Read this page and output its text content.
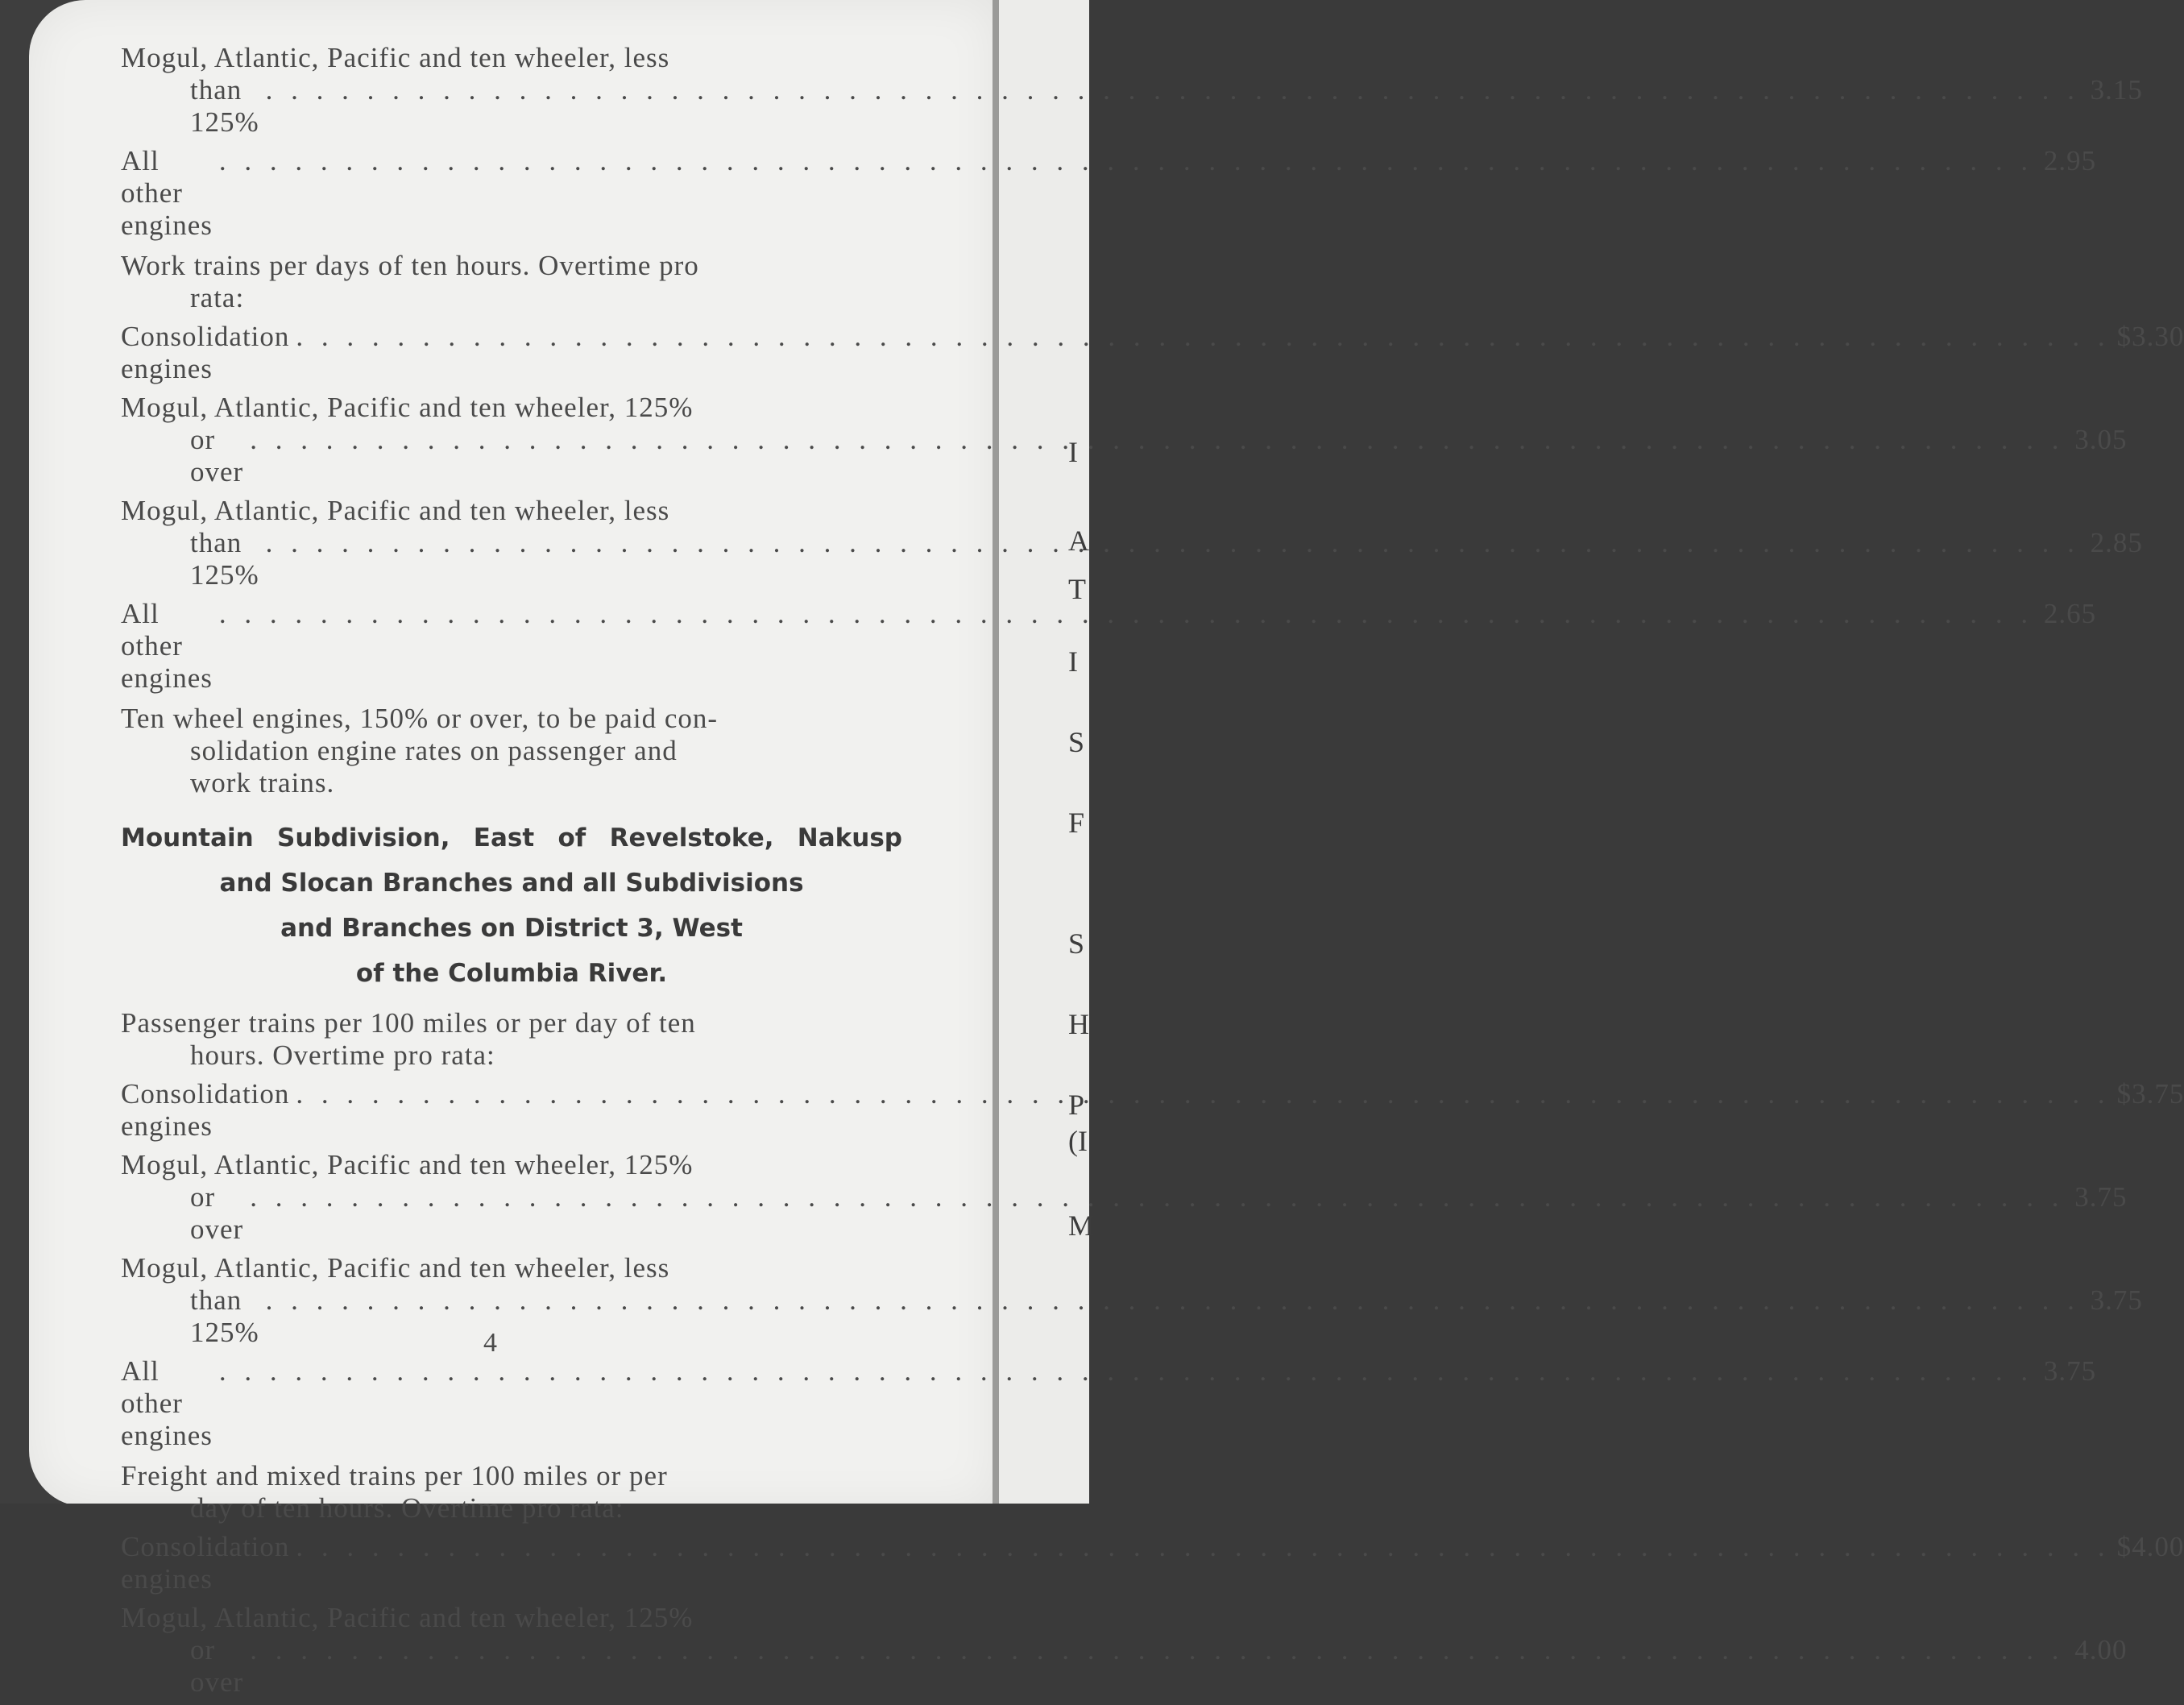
Mogul, Atlantic, Pacific and ten wheeler, less
than 125%
. . .
3.15
All other engines
. . .
2.95
Work trains per days of ten hours. Overtime pro
rata:
Consolidation engines
. . .
$3.30
Mogul, Atlantic, Pacific and ten wheeler, 125%
or over
. . .
3.05
Mogul, Atlantic, Pacific and ten wheeler, less
than 125%
. . .
2.85
All other engines
. . .
2.65
Ten wheel engines, 150% or over, to be paid con-
solidation engine rates on passenger and
work trains.
Mountain Subdivision, East of Revelstoke, Nakusp
and Slocan Branches and all Subdivisions
and Branches on District 3, West
of the Columbia River.
Passenger trains per 100 miles or per day of ten
hours. Overtime pro rata:
Consolidation engines
. . .
$3.75
Mogul, Atlantic, Pacific and ten wheeler, 125%
or over
. . .
3.75
Mogul, Atlantic, Pacific and ten wheeler, less
than 125%
. . .
3.75
All other engines
. . .
3.75
Freight and mixed trains per 100 miles or per
day of ten hours. Overtime pro rata:
Consolidation engines
. . .
$4.00
Mogul, Atlantic, Pacific and ten wheeler, 125%
or over
. . .
4.00
4
I
A
T
I
S
F
S
H
P
(I
M
